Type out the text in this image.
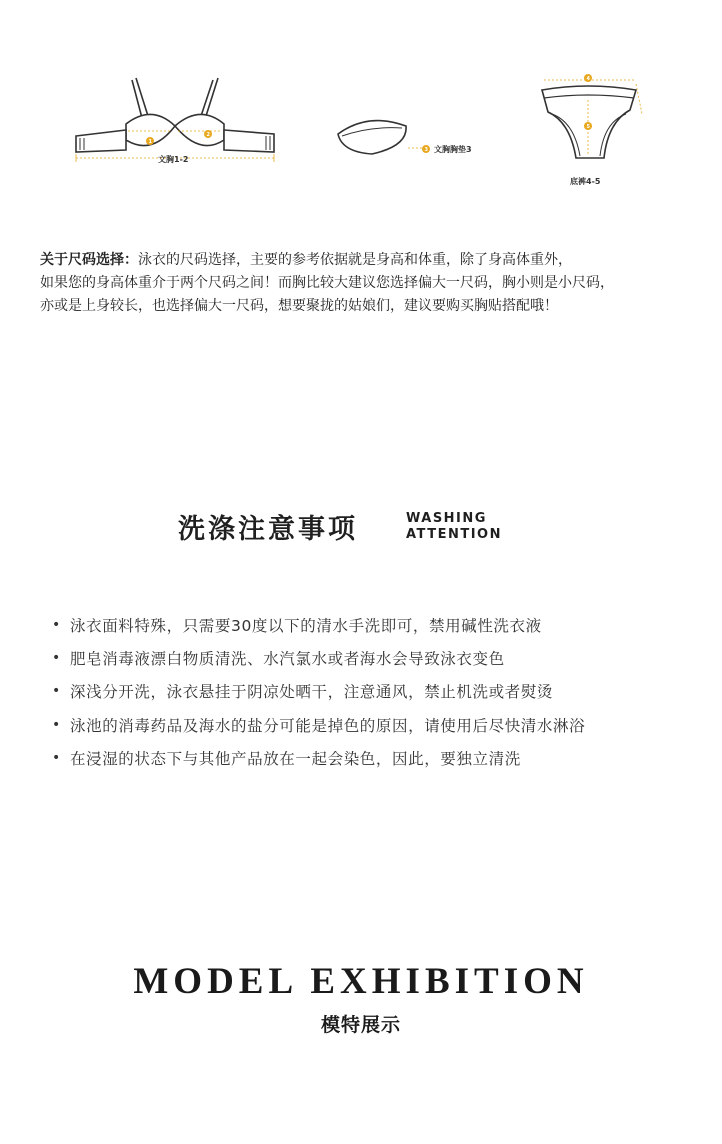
1
2
文胸1-2
3 文胸胸垫3
4
5
底裤4-5

关于尺码选择：泳衣的尺码选择，主要的参考依据就是身高和体重，除了身高体重外，

如果您的身高体重介于两个尺码之间！而胸比较大建议您选择偏大一尺码，胸小则是小尺码，

亦或是上身较长，也选择偏大一尺码，想要聚拢的姑娘们，建议要购买胸贴搭配哦！

洗涤注意事项	WASHING
ATTENTION
• 泳衣面料特殊，只需要30度以下的清水手洗即可，禁用碱性洗衣液
• 肥皂消毒液漂白物质清洗、水汽氯水或者海水会导致泳衣变色
• 深浅分开洗，泳衣悬挂于阴凉处晒干，注意通风，禁止机洗或者熨烫
• 泳池的消毒药品及海水的盐分可能是掉色的原因，请使用后尽快清水淋浴
• 在浸湿的状态下与其他产品放在一起会染色，因此，要独立清洗
MODEL EXHIBITION
模特展示
